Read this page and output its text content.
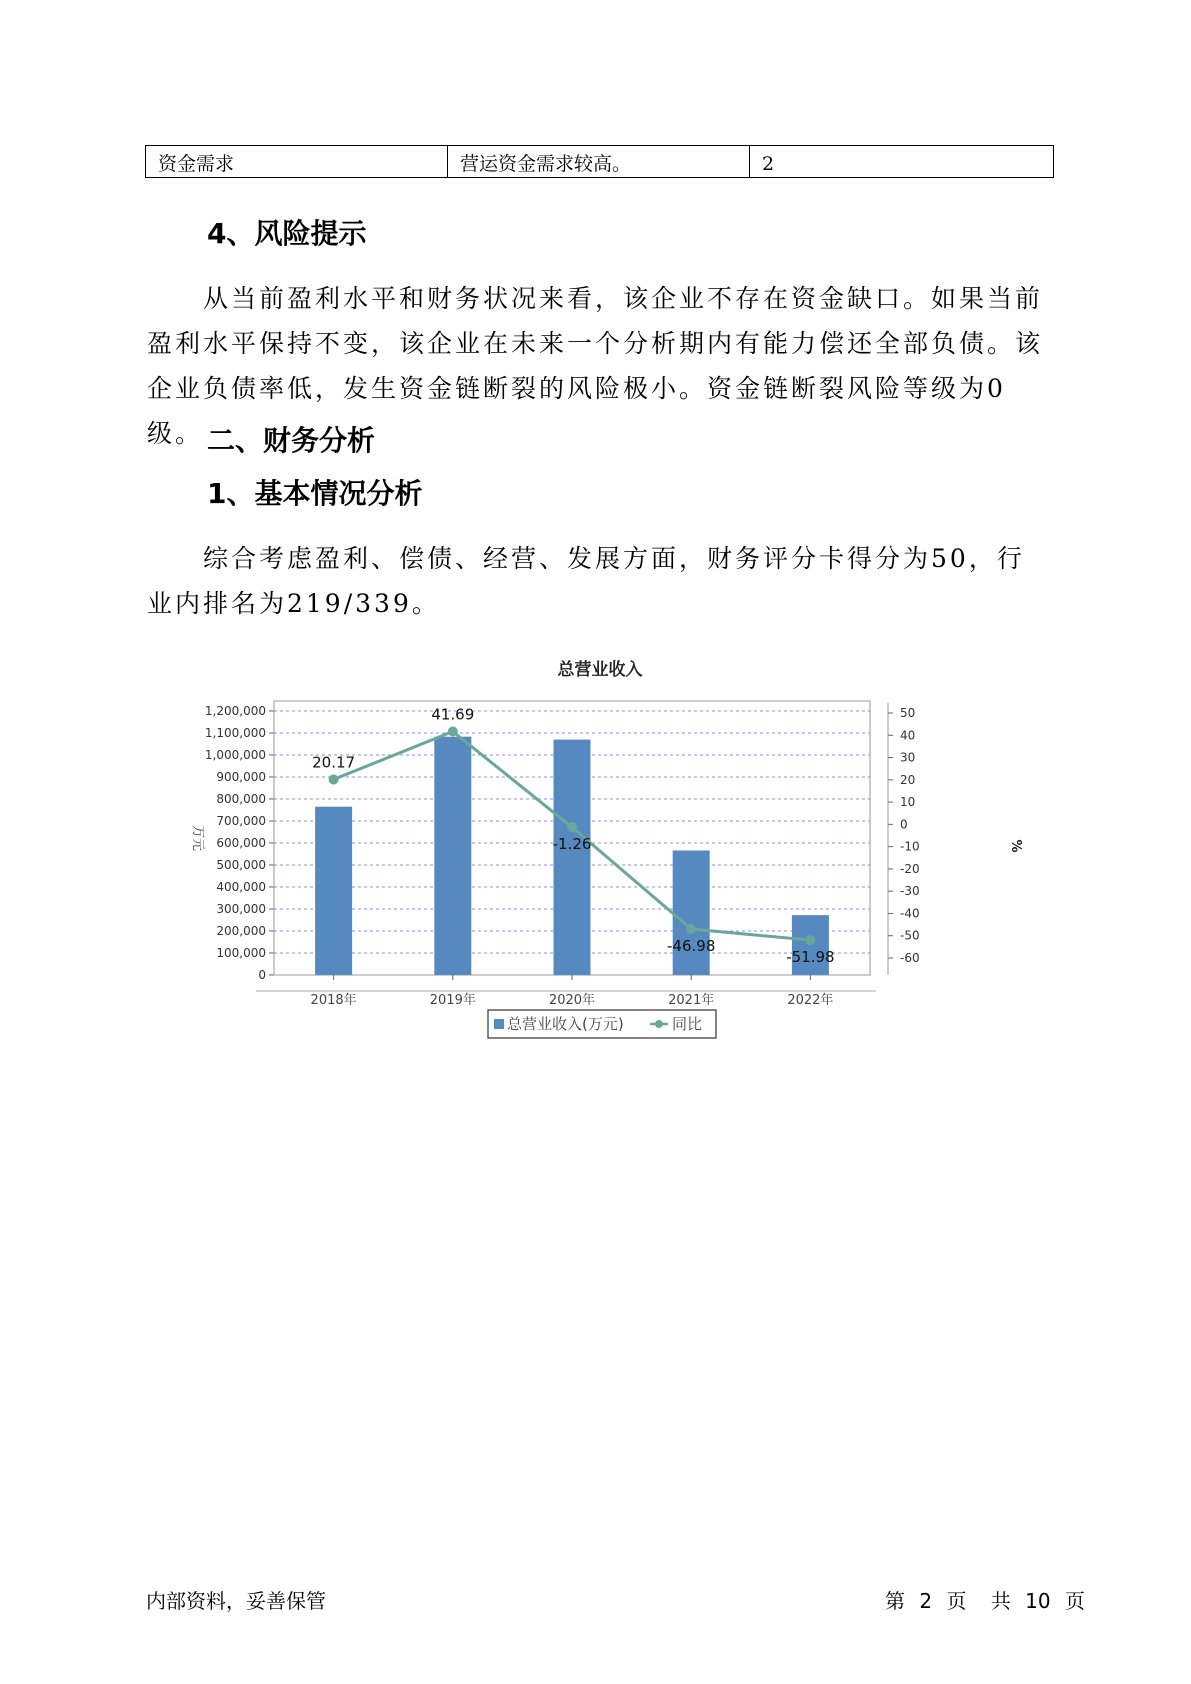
资金需求	营运资金需求较高。	2
4、风险提示

从当前盈利水平和财务状况来看，该企业不存在资金缺口。如果当前盈利水平保持不变，该企业在未来一个分析期内有能力偿还全部负债。该企业负债率低，发生资金链断裂的风险极小。资金链断裂风险等级为0级。 二、财务分析
1、基本情况分析

综合考虑盈利、偿债、经营、发展方面，财务评分卡得分为50，行业内排名为219/339。

总营业收入
0
100,000
200,000
300,000
400,000
500,000
600,000
700,000
800,000
900,000
1,000,000
1,100,000
1,200,000
-60
-50
-40
-30
-20
-10
0
10
20
30
40
50
2018年	2019年	2020年	2021年	2022年
20.17
41.69
-1.26
-46.98
-51.98
万元	%
总营业收入(万元)	同比
内部资料，妥善保管	第 2 页 共 10 页
